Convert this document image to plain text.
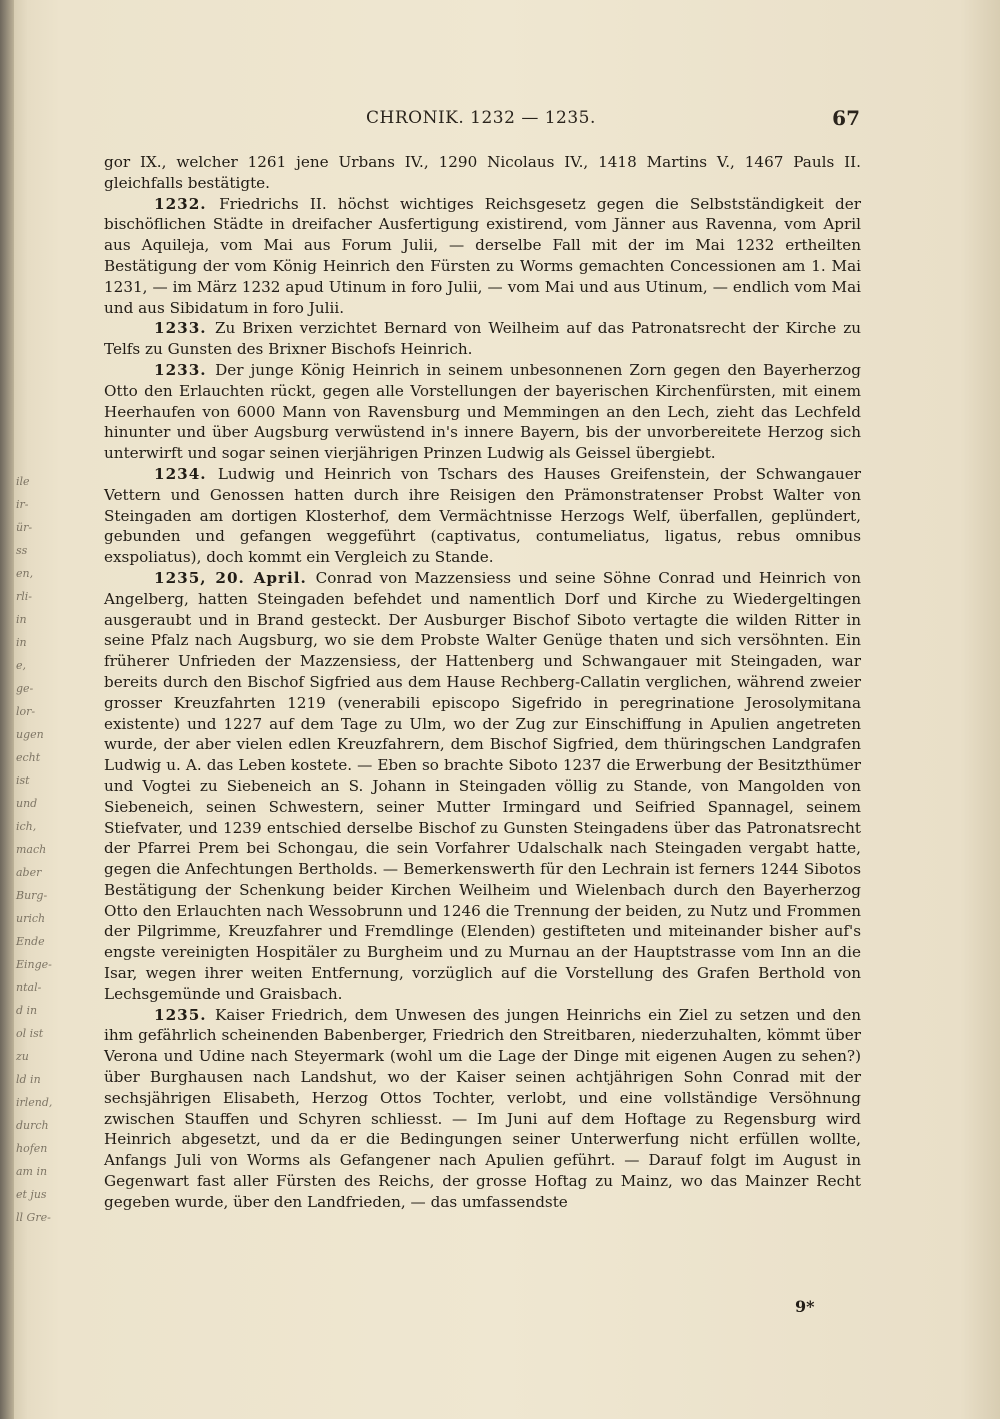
ile
ir-
ür-
ss
en,
rli-
in
in
e,
ge-
lor-
ugen
echt
ist
und
ich,
mach
aber
Burg-
urich
Ende
Einge-
ntal-
d in
ol ist
zu
ld in
irlend,
durch
hofen
am in
et jus
ll Gre-
CHRONIK. 1232 — 1235.	67

gor IX., welcher 1261 jene Urbans IV., 1290 Nicolaus IV., 1418 Martins V., 1467 Pauls II. gleichfalls bestätigte.

1232. Friedrichs II. höchst wichtiges Reichsgesetz gegen die Selbstständigkeit der bischöflichen Städte in dreifacher Ausfertigung existirend, vom Jänner aus Ravenna, vom April aus Aquileja, vom Mai aus Forum Julii, — derselbe Fall mit der im Mai 1232 ertheilten Bestätigung der vom König Heinrich den Fürsten zu Worms gemachten Concessionen am 1. Mai 1231, — im März 1232 apud Utinum in foro Julii, — vom Mai und aus Utinum, — endlich vom Mai und aus Sibidatum in foro Julii.

1233. Zu Brixen verzichtet Bernard von Weilheim auf das Patronatsrecht der Kirche zu Telfs zu Gunsten des Brixner Bischofs Heinrich.

1233. Der junge König Heinrich in seinem unbesonnenen Zorn gegen den Bayerherzog Otto den Erlauchten rückt, gegen alle Vorstellungen der bayerischen Kirchenfürsten, mit einem Heerhaufen von 6000 Mann von Ravensburg und Memmingen an den Lech, zieht das Lechfeld hinunter und über Augsburg verwüstend in's innere Bayern, bis der unvorbereitete Herzog sich unterwirft und sogar seinen vierjährigen Prinzen Ludwig als Geissel übergiebt.

1234. Ludwig und Heinrich von Tschars des Hauses Greifenstein, der Schwangauer Vettern und Genossen hatten durch ihre Reisigen den Prämonstratenser Probst Walter von Steingaden am dortigen Klosterhof, dem Vermächtnisse Herzogs Welf, überfallen, geplündert, gebunden und gefangen weggeführt (captivatus, contumeliatus, ligatus, rebus omnibus exspoliatus), doch kommt ein Vergleich zu Stande.

1235, 20. April. Conrad von Mazzensiess und seine Söhne Conrad und Heinrich von Angelberg, hatten Steingaden befehdet und namentlich Dorf und Kirche zu Wiedergeltingen ausgeraubt und in Brand gesteckt. Der Ausburger Bischof Siboto vertagte die wilden Ritter in seine Pfalz nach Augsburg, wo sie dem Probste Walter Genüge thaten und sich versöhnten. Ein früherer Unfrieden der Mazzensiess, der Hattenberg und Schwangauer mit Steingaden, war bereits durch den Bischof Sigfried aus dem Hause Rechberg-Callatin verglichen, während zweier grosser Kreuzfahrten 1219 (venerabili episcopo Sigefrido in peregrinatione Jerosolymitana existente) und 1227 auf dem Tage zu Ulm, wo der Zug zur Einschiffung in Apulien angetreten wurde, der aber vielen edlen Kreuzfahrern, dem Bischof Sigfried, dem thüringschen Landgrafen Ludwig u. A. das Leben kostete. — Eben so brachte Siboto 1237 die Erwerbung der Besitzthümer und Vogtei zu Siebeneich an S. Johann in Steingaden völlig zu Stande, von Mangolden von Siebeneich, seinen Schwestern, seiner Mutter Irmingard und Seifried Spannagel, seinem Stiefvater, und 1239 entschied derselbe Bischof zu Gunsten Steingadens über das Patronatsrecht der Pfarrei Prem bei Schongau, die sein Vorfahrer Udalschalk nach Steingaden vergabt hatte, gegen die Anfechtungen Bertholds. — Bemerkenswerth für den Lechrain ist ferners 1244 Sibotos Bestätigung der Schenkung beider Kirchen Weilheim und Wielenbach durch den Bayerherzog Otto den Erlauchten nach Wessobrunn und 1246 die Trennung der beiden, zu Nutz und Frommen der Pilgrimme, Kreuzfahrer und Fremdlinge (Elenden) gestifteten und miteinander bisher auf's engste vereinigten Hospitäler zu Burgheim und zu Murnau an der Hauptstrasse vom Inn an die Isar, wegen ihrer weiten Entfernung, vorzüglich auf die Vorstellung des Grafen Berthold von Lechsgemünde und Graisbach.

1235. Kaiser Friedrich, dem Unwesen des jungen Heinrichs ein Ziel zu setzen und den ihm gefährlich scheinenden Babenberger, Friedrich den Streitbaren, niederzuhalten, kömmt über Verona und Udine nach Steyermark (wohl um die Lage der Dinge mit eigenen Augen zu sehen?) über Burghausen nach Landshut, wo der Kaiser seinen achtjährigen Sohn Conrad mit der sechsjährigen Elisabeth, Herzog Ottos Tochter, verlobt, und eine vollständige Versöhnung zwischen Stauffen und Schyren schliesst. — Im Juni auf dem Hoftage zu Regensburg wird Heinrich abgesetzt, und da er die Bedingungen seiner Unterwerfung nicht erfüllen wollte, Anfangs Juli von Worms als Gefangener nach Apulien geführt. — Darauf folgt im August in Gegenwart fast aller Fürsten des Reichs, der grosse Hoftag zu Mainz, wo das Mainzer Recht gegeben wurde, über den Landfrieden, — das umfassendste

9*
